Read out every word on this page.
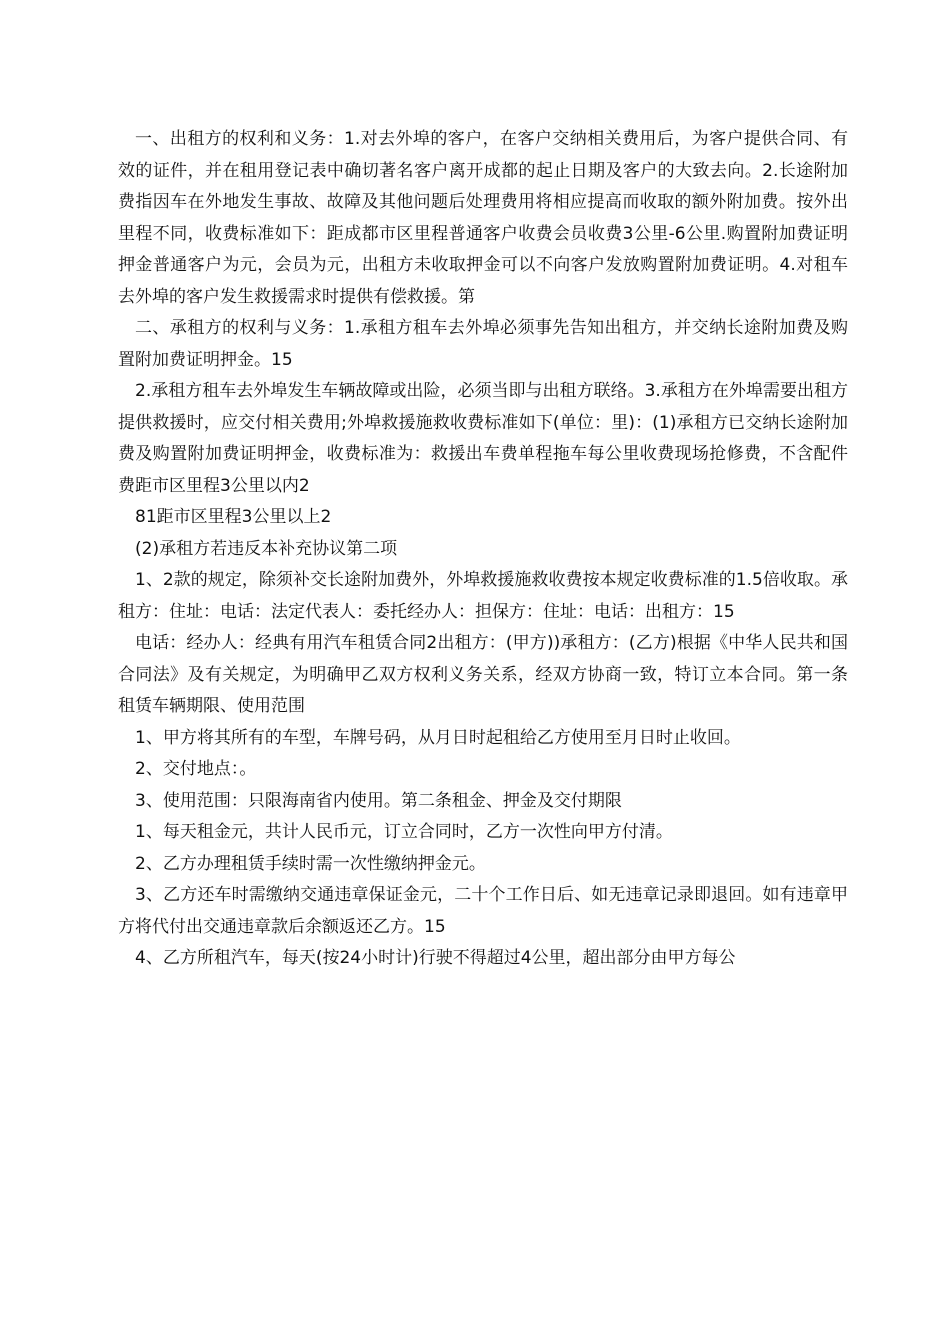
一、出租方的权利和义务：1.对去外埠的客户，在客户交纳相关费用后，为客户提供合同、有效的证件，并在租用登记表中确切著名客户离开成都的起止日期及客户的大致去向。2.长途附加费指因车在外地发生事故、故障及其他问题后处理费用将相应提高而收取的额外附加费。按外出里程不同，收费标准如下：距成都市区里程普通客户收费会员收费3公里-6公里.购置附加费证明押金普通客户为元，会员为元，出租方未收取押金可以不向客户发放购置附加费证明。4.对租车去外埠的客户发生救援需求时提供有偿救援。第

二、承租方的权利与义务：1.承租方租车去外埠必须事先告知出租方，并交纳长途附加费及购置附加费证明押金。15

2.承租方租车去外埠发生车辆故障或出险，必须当即与出租方联络。3.承租方在外埠需要出租方提供救援时，应交付相关费用;外埠救援施救收费标准如下(单位：里)：(1)承租方已交纳长途附加费及购置附加费证明押金，收费标准为：救援出车费单程拖车每公里收费现场抢修费，不含配件费距市区里程3公里以内2

81距市区里程3公里以上2

(2)承租方若违反本补充协议第二项

1、2款的规定，除须补交长途附加费外，外埠救援施救收费按本规定收费标准的1.5倍收取。承租方：住址：电话：法定代表人：委托经办人：担保方：住址：电话：出租方：15

电话：经办人：经典有用汽车租赁合同2出租方：(甲方))承租方：(乙方)根据《中华人民共和国合同法》及有关规定，为明确甲乙双方权利义务关系，经双方协商一致，特订立本合同。第一条租赁车辆期限、使用范围

1、甲方将其所有的车型，车牌号码，从月日时起租给乙方使用至月日时止收回。

2、交付地点：。

3、使用范围：只限海南省内使用。第二条租金、押金及交付期限

1、每天租金元，共计人民币元，订立合同时，乙方一次性向甲方付清。

2、乙方办理租赁手续时需一次性缴纳押金元。

3、乙方还车时需缴纳交通违章保证金元，二十个工作日后、如无违章记录即退回。如有违章甲方将代付出交通违章款后余额返还乙方。15

4、乙方所租汽车，每天(按24小时计)行驶不得超过4公里，超出部分由甲方每公
